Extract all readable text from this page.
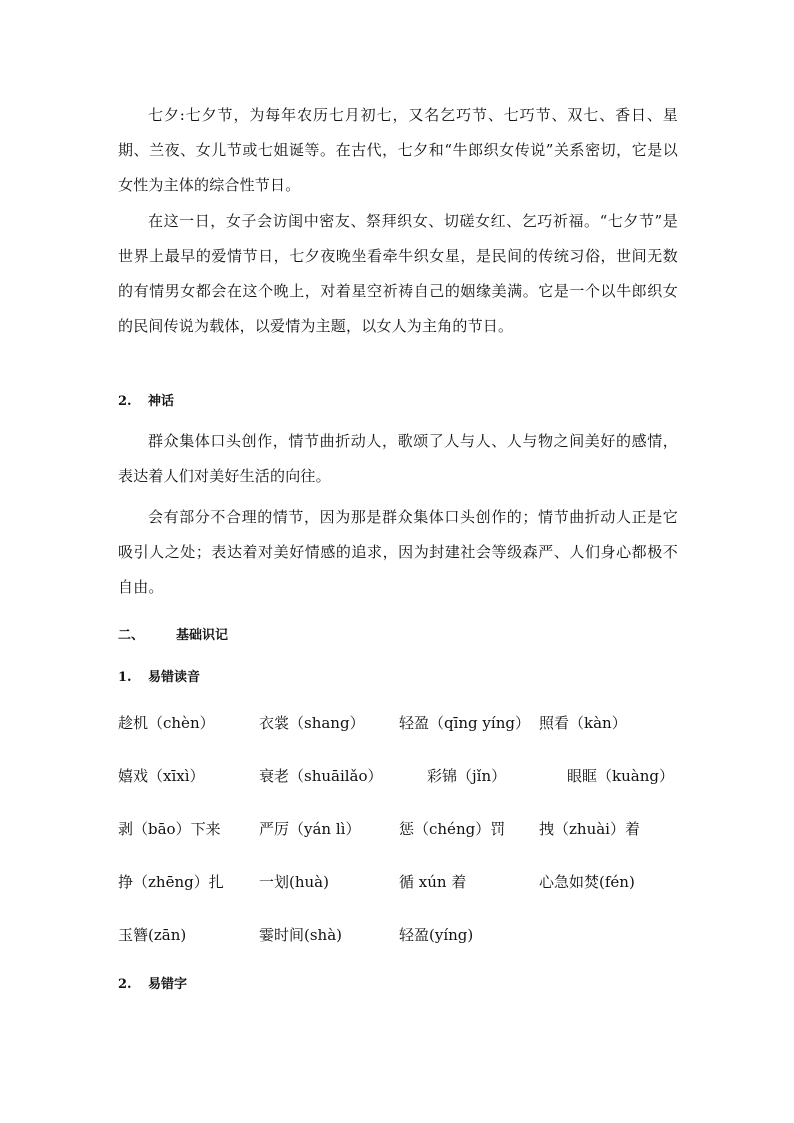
七夕:七夕节，为每年农历七月初七，又名乞巧节、七巧节、双七、香日、星期、兰夜、女儿节或七姐诞等。在古代，七夕和“牛郎织女传说”关系密切，它是以女性为主体的综合性节日。

在这一日，女子会访闺中密友、祭拜织女、切磋女红、乞巧祈福。“七夕节”是世界上最早的爱情节日，七夕夜晚坐看牵牛织女星，是民间的传统习俗，世间无数的有情男女都会在这个晚上，对着星空祈祷自己的姻缘美满。它是一个以牛郎织女的民间传说为载体，以爱情为主题，以女人为主角的节日。

2. 神话

群众集体口头创作，情节曲折动人，歌颂了人与人、人与物之间美好的感情，表达着人们对美好生活的向往。

会有部分不合理的情节，因为那是群众集体口头创作的；情节曲折动人正是它吸引人之处；表达着对美好情感的追求，因为封建社会等级森严、人们身心都极不自由。

二、 基础识记
1. 易错读音
趁机（chèn）	衣裳（shang） 轻盈（qīng yíng） 照看（kàn）
嬉戏（xīxì）	衰老（shuāilǎo）	彩锦（jǐn）	眼眶（kuàng）
剥（bāo）下来	严厉（yán lì）	惩（chéng）罚 拽（zhuài）着
挣（zhēng）扎 一划(huà)	循 xún 着	心急如焚(fén)
玉簪(zān)	霎时间(shà)	轻盈(yíng)
2. 易错字
